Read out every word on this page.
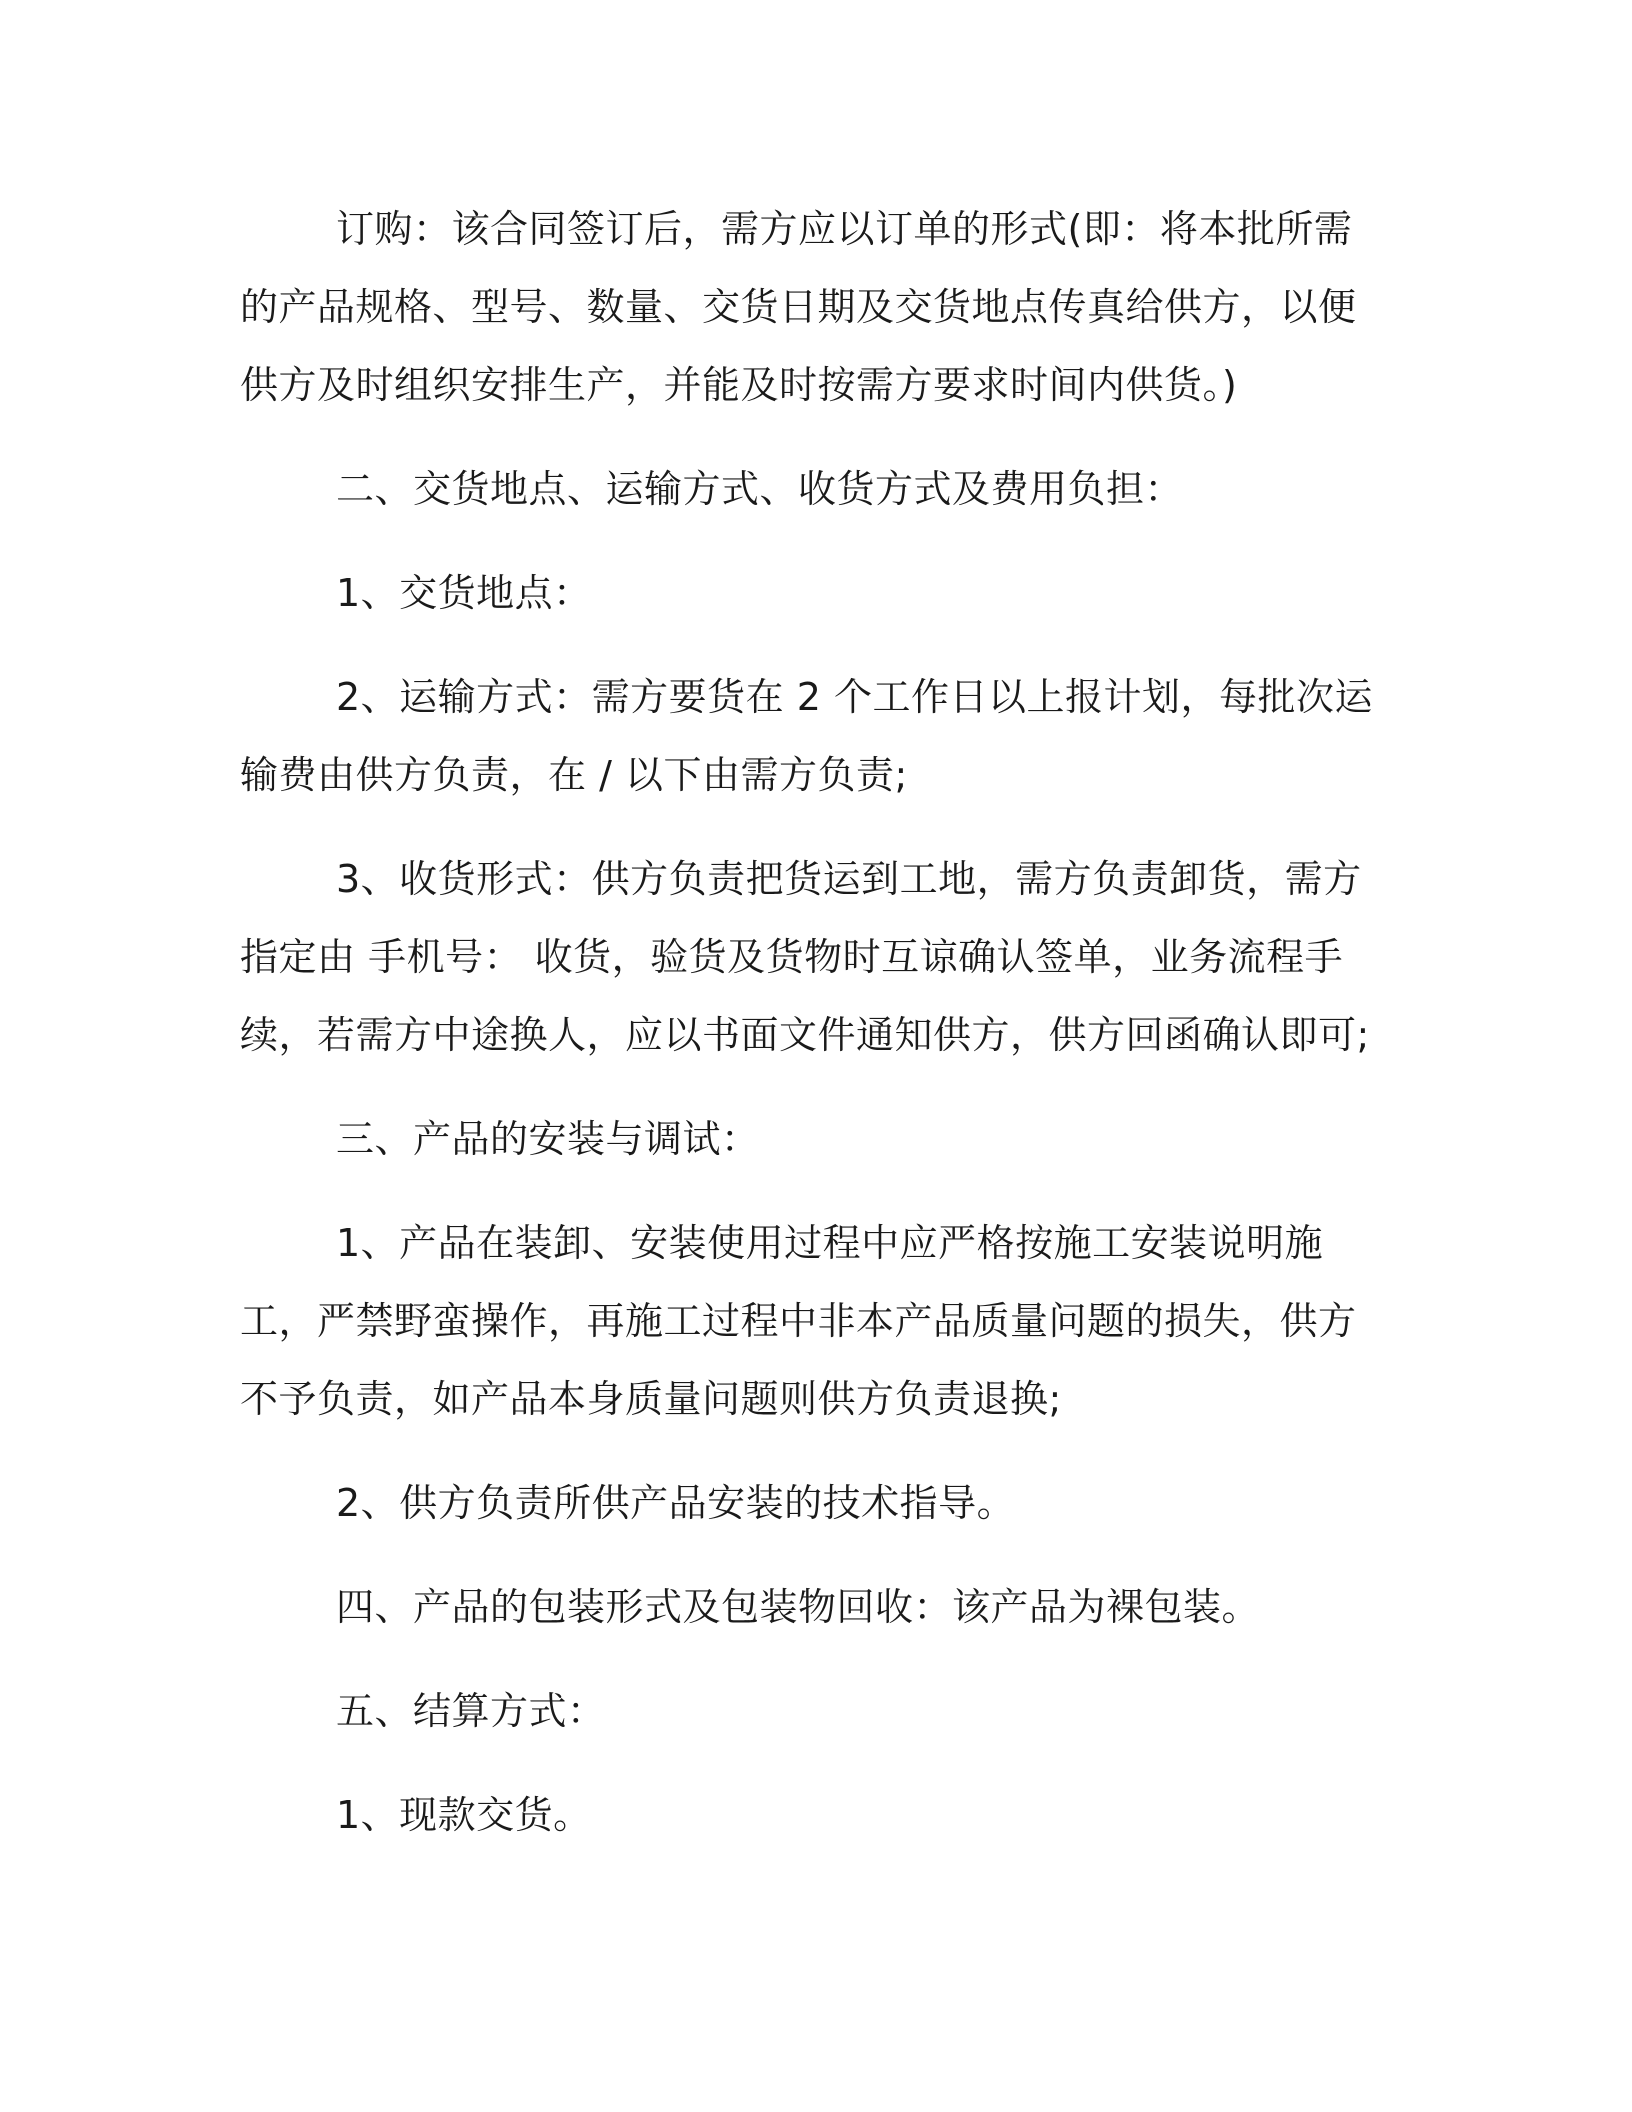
订购：该合同签订后，需方应以订单的形式(即：将本批所需的产品规格、型号、数量、交货日期及交货地点传真给供方，以便供方及时组织安排生产，并能及时按需方要求时间内供货。)

二、交货地点、运输方式、收货方式及费用负担：

1、交货地点：

2、运输方式：需方要货在 2 个工作日以上报计划，每批次运输费由供方负责，在 / 以下由需方负责;

3、收货形式：供方负责把货运到工地，需方负责卸货，需方指定由 手机号： 收货，验货及货物时互谅确认签单，业务流程手续，若需方中途换人，应以书面文件通知供方，供方回函确认即可;

三、产品的安装与调试：

1、产品在装卸、安装使用过程中应严格按施工安装说明施工，严禁野蛮操作，再施工过程中非本产品质量问题的损失，供方不予负责，如产品本身质量问题则供方负责退换;

2、供方负责所供产品安装的技术指导。

四、产品的包装形式及包装物回收：该产品为裸包装。

五、结算方式：

1、现款交货。
